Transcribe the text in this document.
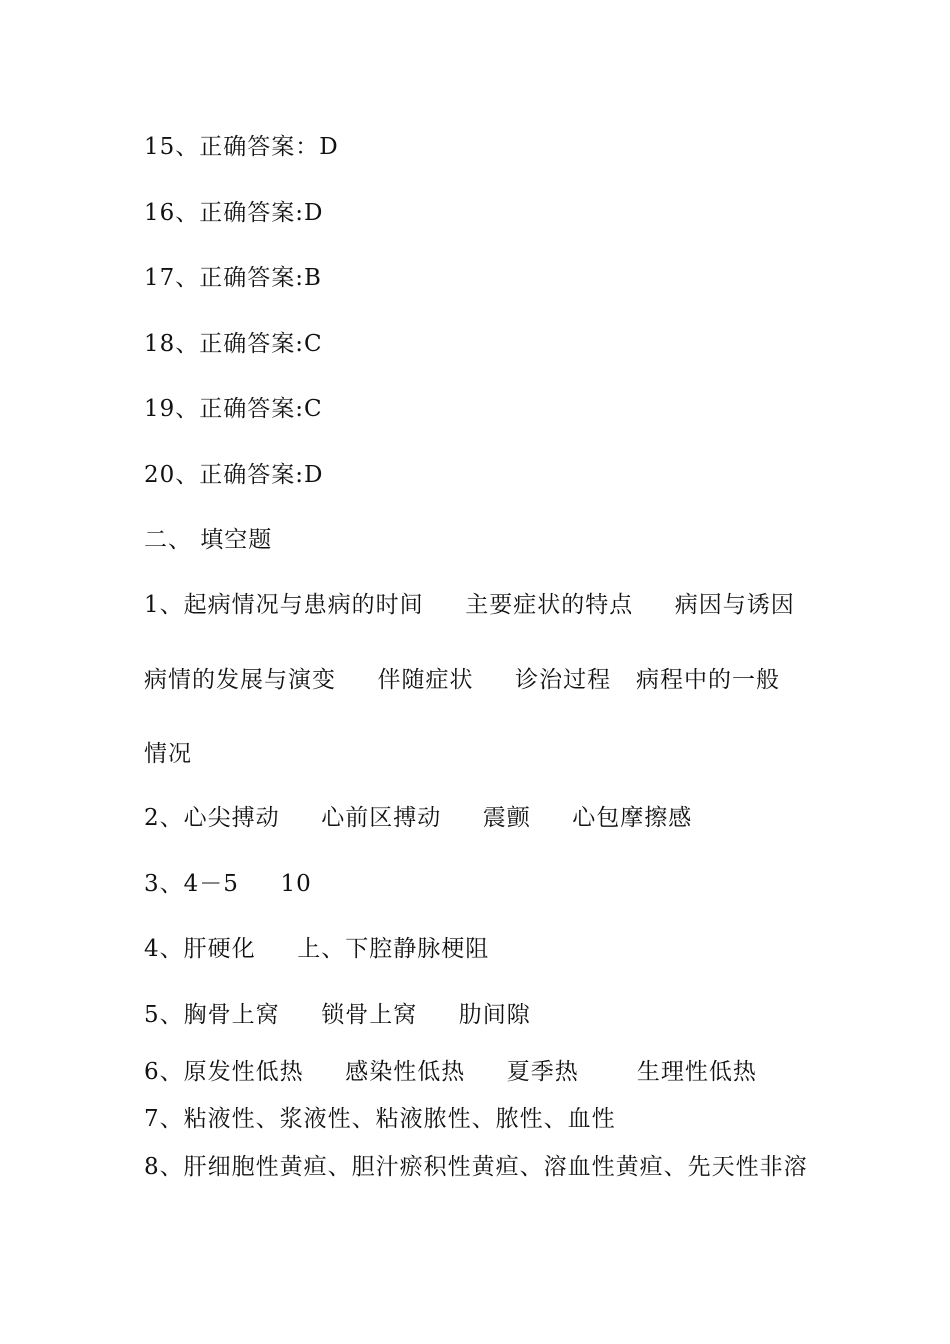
15、正确答案：D
16、正确答案:D
17、正确答案:B
18、正确答案:C
19、正确答案:C
20、正确答案:D
二、 填空题
1、起病情况与患病的时间     主要症状的特点     病因与诱因
病情的发展与演变     伴随症状     诊治过程   病程中的一般
情况
2、心尖搏动     心前区搏动     震颤     心包摩擦感
3、4－5     10
4、肝硬化     上、下腔静脉梗阻
5、胸骨上窝     锁骨上窝     肋间隙
6、原发性低热     感染性低热     夏季热       生理性低热
7、粘液性、浆液性、粘液脓性、脓性、血性
8、肝细胞性黄疸、胆汁瘀积性黄疸、溶血性黄疸、先天性非溶
